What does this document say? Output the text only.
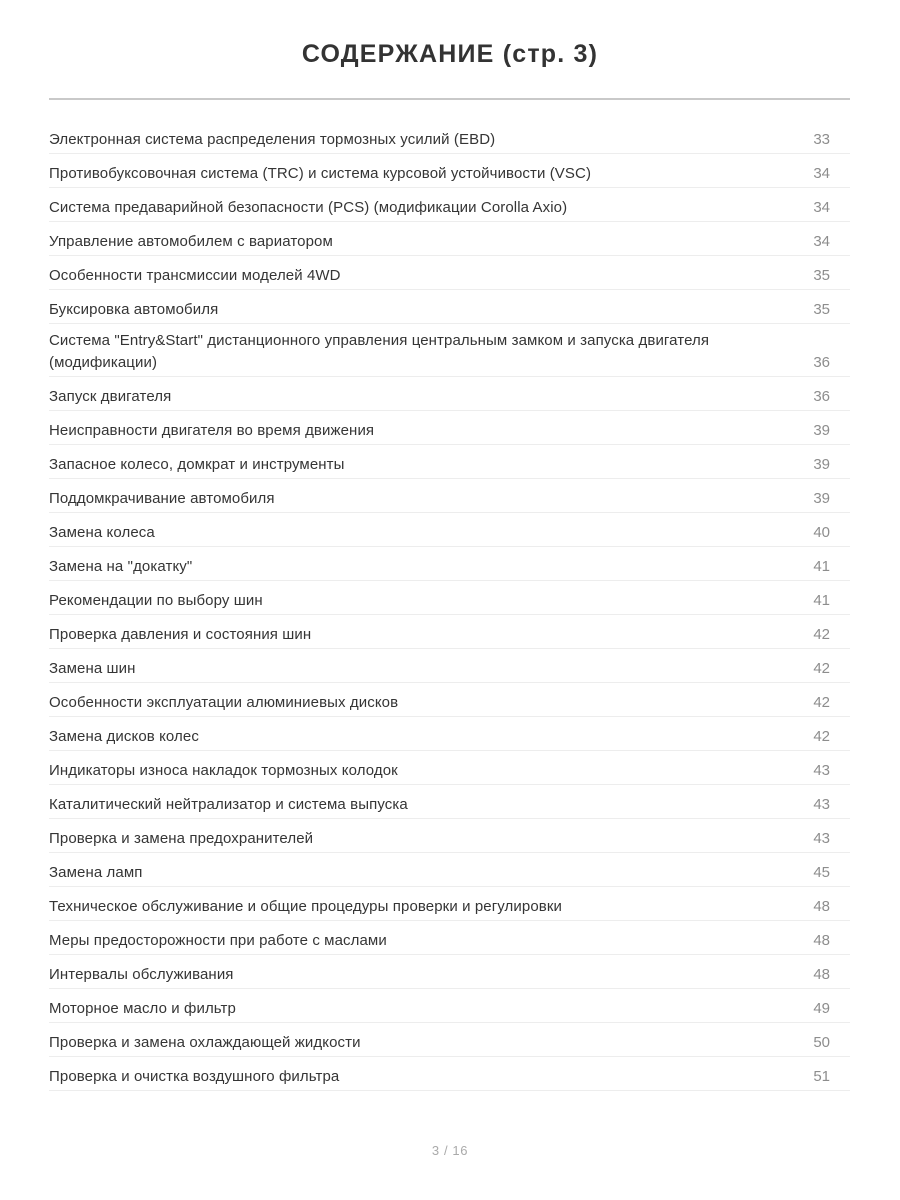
СОДЕРЖАНИЕ (стр. 3)
Электронная система распределения тормозных усилий (EBD)	33
Противобуксовочная система (TRC) и система курсовой устойчивости (VSC)	34
Система предаварийной безопасности (PCS) (модификации Corolla Axio)	34
Управление автомобилем с вариатором	34
Особенности трансмиссии моделей 4WD	35
Буксировка автомобиля	35
Система "Entry&Start" дистанционного управления центральным замком и запуска двигателя (модификации)	36
Запуск двигателя	36
Неисправности двигателя во время движения	39
Запасное колесо, домкрат и инструменты	39
Поддомкрачивание автомобиля	39
Замена колеса	40
Замена на "докатку"	41
Рекомендации по выбору шин	41
Проверка давления и состояния шин	42
Замена шин	42
Особенности эксплуатации алюминиевых дисков	42
Замена дисков колес	42
Индикаторы износа накладок тормозных колодок	43
Каталитический нейтрализатор и система выпуска	43
Проверка и замена предохранителей	43
Замена ламп	45
Техническое обслуживание и общие процедуры проверки и регулировки	48
Меры предосторожности при работе с маслами	48
Интервалы обслуживания	48
Моторное масло и фильтр	49
Проверка и замена охлаждающей жидкости	50
Проверка и очистка воздушного фильтра	51
3 / 16
